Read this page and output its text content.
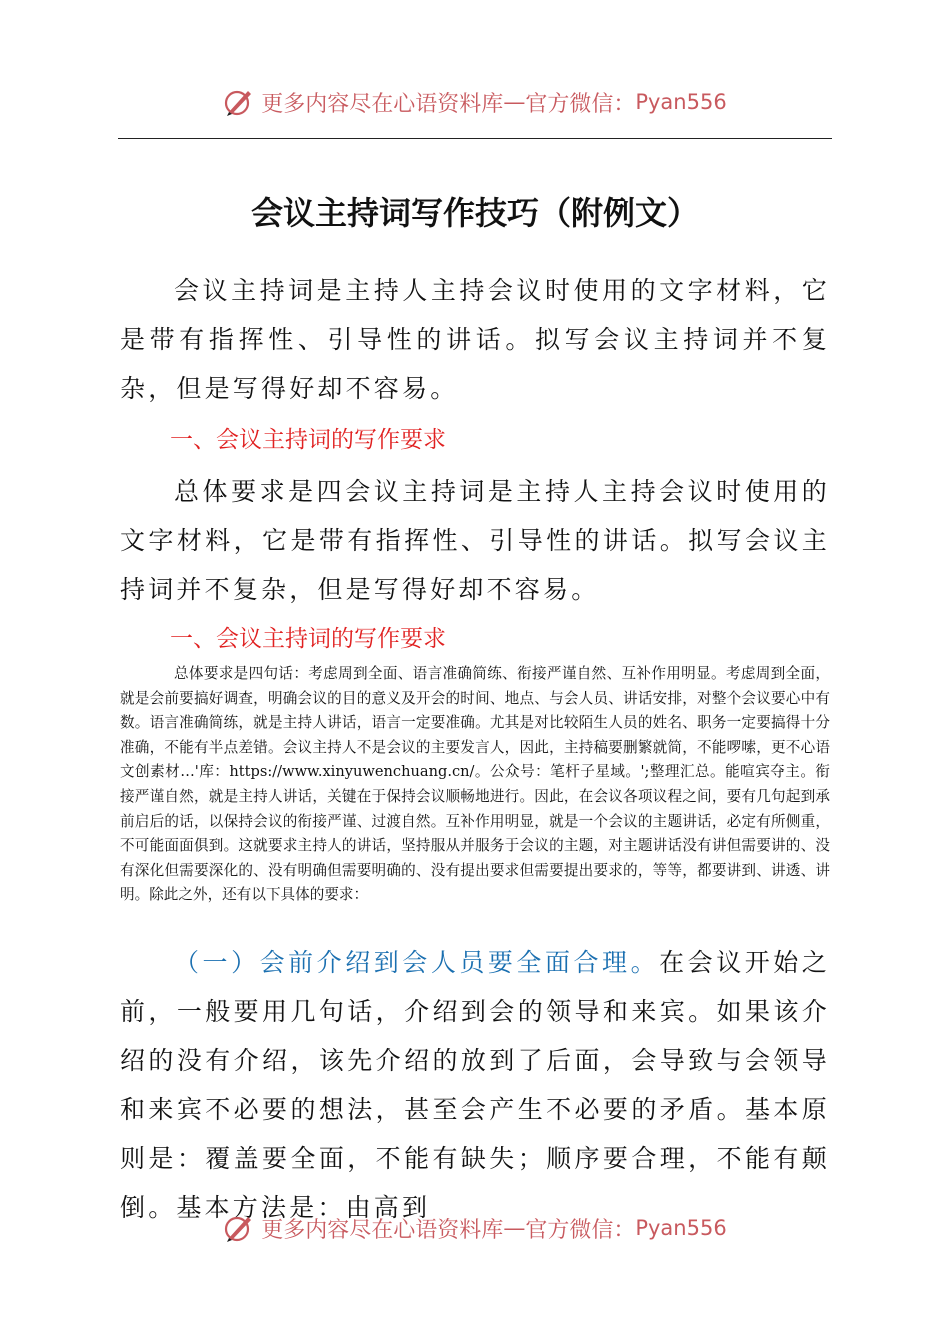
更多内容尽在心语资料库 — 官方微信： Pyan556
会议主持词写作技巧（附例文）
会议主持词是主持人主持会议时使用的文字材料，它是带有指挥性、引导性的讲话。拟写会议主持词并不复杂，但是写得好却不容易。
一、会议主持词的写作要求
总体要求是四会议主持词是主持人主持会议时使用的文字材料，它是带有指挥性、引导性的讲话。拟写会议主持词并不复杂，但是写得好却不容易。
一、会议主持词的写作要求
总体要求是四句话：考虑周到全面、语言准确简练、衔接严谨自然、互补作用明显。考虑周到全面，就是会前要搞好调查，明确会议的目的意义及开会的时间、地点、与会人员、讲话安排，对整个会议要心中有数。语言准确简练，就是主持人讲话，语言一定要准确。尤其是对比较陌生人员的姓名、职务一定要搞得十分准确，不能有半点差错。会议主持人不是会议的主要发言人，因此，主持稿要删繁就简，不能啰嗦，更不心语文创素材…'库：https://www.xinyuwenchuang.cn/。公众号：笔杆子星域。';整理汇总。能喧宾夺主。衔接严谨自然，就是主持人讲话，关键在于保持会议顺畅地进行。因此，在会议各项议程之间，要有几句起到承前启后的话，以保持会议的衔接严谨、过渡自然。互补作用明显，就是一个会议的主题讲话，必定有所侧重，不可能面面俱到。这就要求主持人的讲话，坚持服从并服务于会议的主题，对主题讲话没有讲但需要讲的、没有深化但需要深化的、没有明确但需要明确的、没有提出要求但需要提出要求的，等等，都要讲到、讲透、讲明。除此之外，还有以下具体的要求：
（一）会前介绍到会人员要全面合理。在会议开始之前，一般要用几句话，介绍到会的领导和来宾。如果该介绍的没有介绍，该先介绍的放到了后面，会导致与会领导和来宾不必要的想法，甚至会产生不必要的矛盾。基本原则是：覆盖要全面，不能有缺失；顺序要合理，不能有颠倒。基本方法是：由高到
更多内容尽在心语资料库 — 官方微信： Pyan556
